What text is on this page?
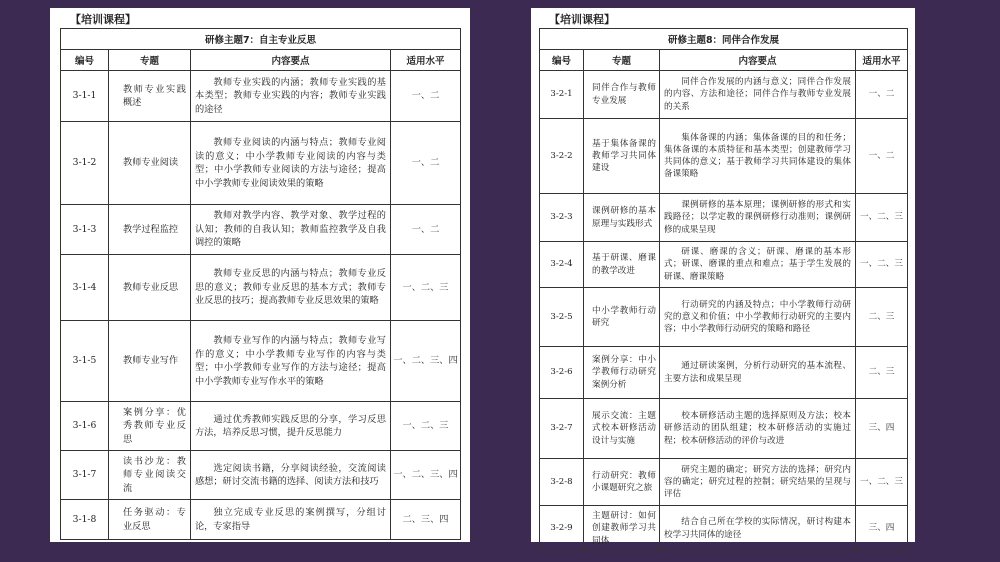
【培训课程】
研修主题7：自主专业反思			
编号	专题	内容要点	适用水平
3-1-1	教师专业实践概述	教师专业实践的内涵；教师专业实践的基本类型；教师专业实践的内容；教师专业实践的途径	一、二
3-1-2	教师专业阅读	教师专业阅读的内涵与特点；教师专业阅读的意义；中小学教师专业阅读的内容与类型；中小学教师专业阅读的方法与途径；提高中小学教师专业阅读效果的策略	一、二
3-1-3	教学过程监控	教师对教学内容、教学对象、教学过程的认知；教师的自我认知；教师监控教学及自我调控的策略	一、二
3-1-4	教师专业反思	教师专业反思的内涵与特点；教师专业反思的意义；教师专业反思的基本方式；教师专业反思的技巧；提高教师专业反思效果的策略	一、二、三
3-1-5	教师专业写作	教师专业写作的内涵与特点；教师专业写作的意义；中小学教师专业写作的内容与类型；中小学教师专业写作的方法与途径；提高中小学教师专业写作水平的策略	一、二、三、四
3-1-6	案例分享：优秀教师专业反思	通过优秀教师实践反思的分享，学习反思方法，培养反思习惯，提升反思能力	一、二、三
3-1-7	读书沙龙：教师专业阅读交流	选定阅读书籍，分享阅读经验，交流阅读感想；研讨交流书籍的选择、阅读方法和技巧	一、二、三、四
3-1-8	任务驱动：专业反思	独立完成专业反思的案例撰写，分组讨论，专家指导	二、三、四
【培训课程】
研修主题8：同伴合作发展			
编号	专题	内容要点	适用水平
3-2-1	同伴合作与教师专业发展	同伴合作发展的内涵与意义；同伴合作发展的内容、方法和途径；同伴合作与教师专业发展的关系	一、二
3-2-2	基于集体备课的教师学习共同体建设	集体备课的内涵；集体备课的目的和任务；集体备课的本质特征和基本类型；创建教师学习共同体的意义；基于教师学习共同体建设的集体备课策略	一、二
3-2-3	课例研修的基本原理与实践形式	课例研修的基本原理；课例研修的形式和实践路径；以学定教的课例研修行动准则；课例研修的成果呈现	一、二、三
3-2-4	基于研课、磨课的教学改进	研课、磨课的含义；研课、磨课的基本形式；研课、磨课的重点和难点；基于学生发展的研课、磨课策略	一、二、三
3-2-5	中小学教师行动研究	行动研究的内涵及特点；中小学教师行动研究的意义和价值；中小学教师行动研究的主要内容；中小学教师行动研究的策略和路径	二、三
3-2-6	案例分享：中小学教师行动研究案例分析	通过研读案例，分析行动研究的基本流程、主要方法和成果呈现	二、三
3-2-7	展示交流：主题式校本研修活动设计与实施	校本研修活动主题的选择原则及方法；校本研修活动的团队组建；校本研修活动的实施过程；校本研修活动的评价与改进	三、四
3-2-8	行动研究：教师小课题研究之旅	研究主题的确定；研究方法的选择；研究内容的确定；研究过程的控制；研究结果的呈现与评估	一、二、三
3-2-9	主题研讨：如何创建教师学习共同体	结合自己所在学校的实际情况，研讨构建本校学习共同体的途径	三、四
